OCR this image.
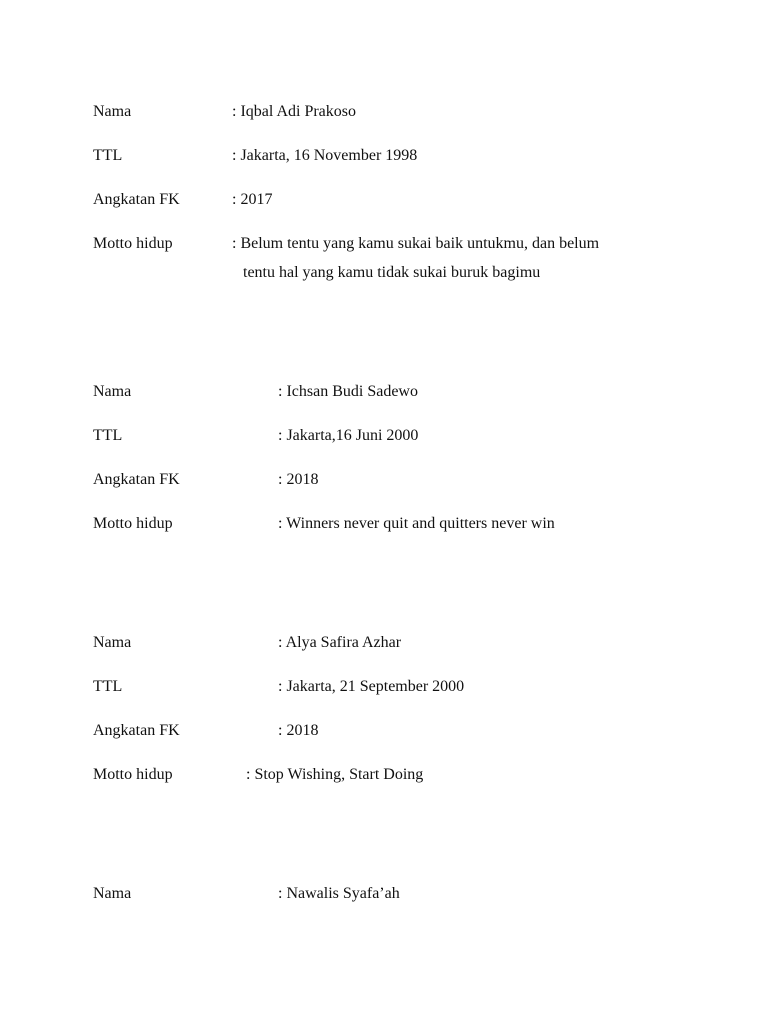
Nama	: Iqbal Adi Prakoso
TTL	: Jakarta, 16 November 1998
Angkatan FK	: 2017
Motto hidup	: Belum tentu yang kamu sukai baik untukmu, dan belum
tentu hal yang kamu tidak sukai buruk bagimu
Nama	: Ichsan Budi Sadewo
TTL	: Jakarta,16 Juni 2000
Angkatan FK	: 2018
Motto hidup	: Winners never quit and quitters never win
Nama	: Alya Safira Azhar
TTL	: Jakarta, 21 September 2000
Angkatan FK	: 2018
Motto hidup	: Stop Wishing, Start Doing
Nama	: Nawalis Syafa’ah
